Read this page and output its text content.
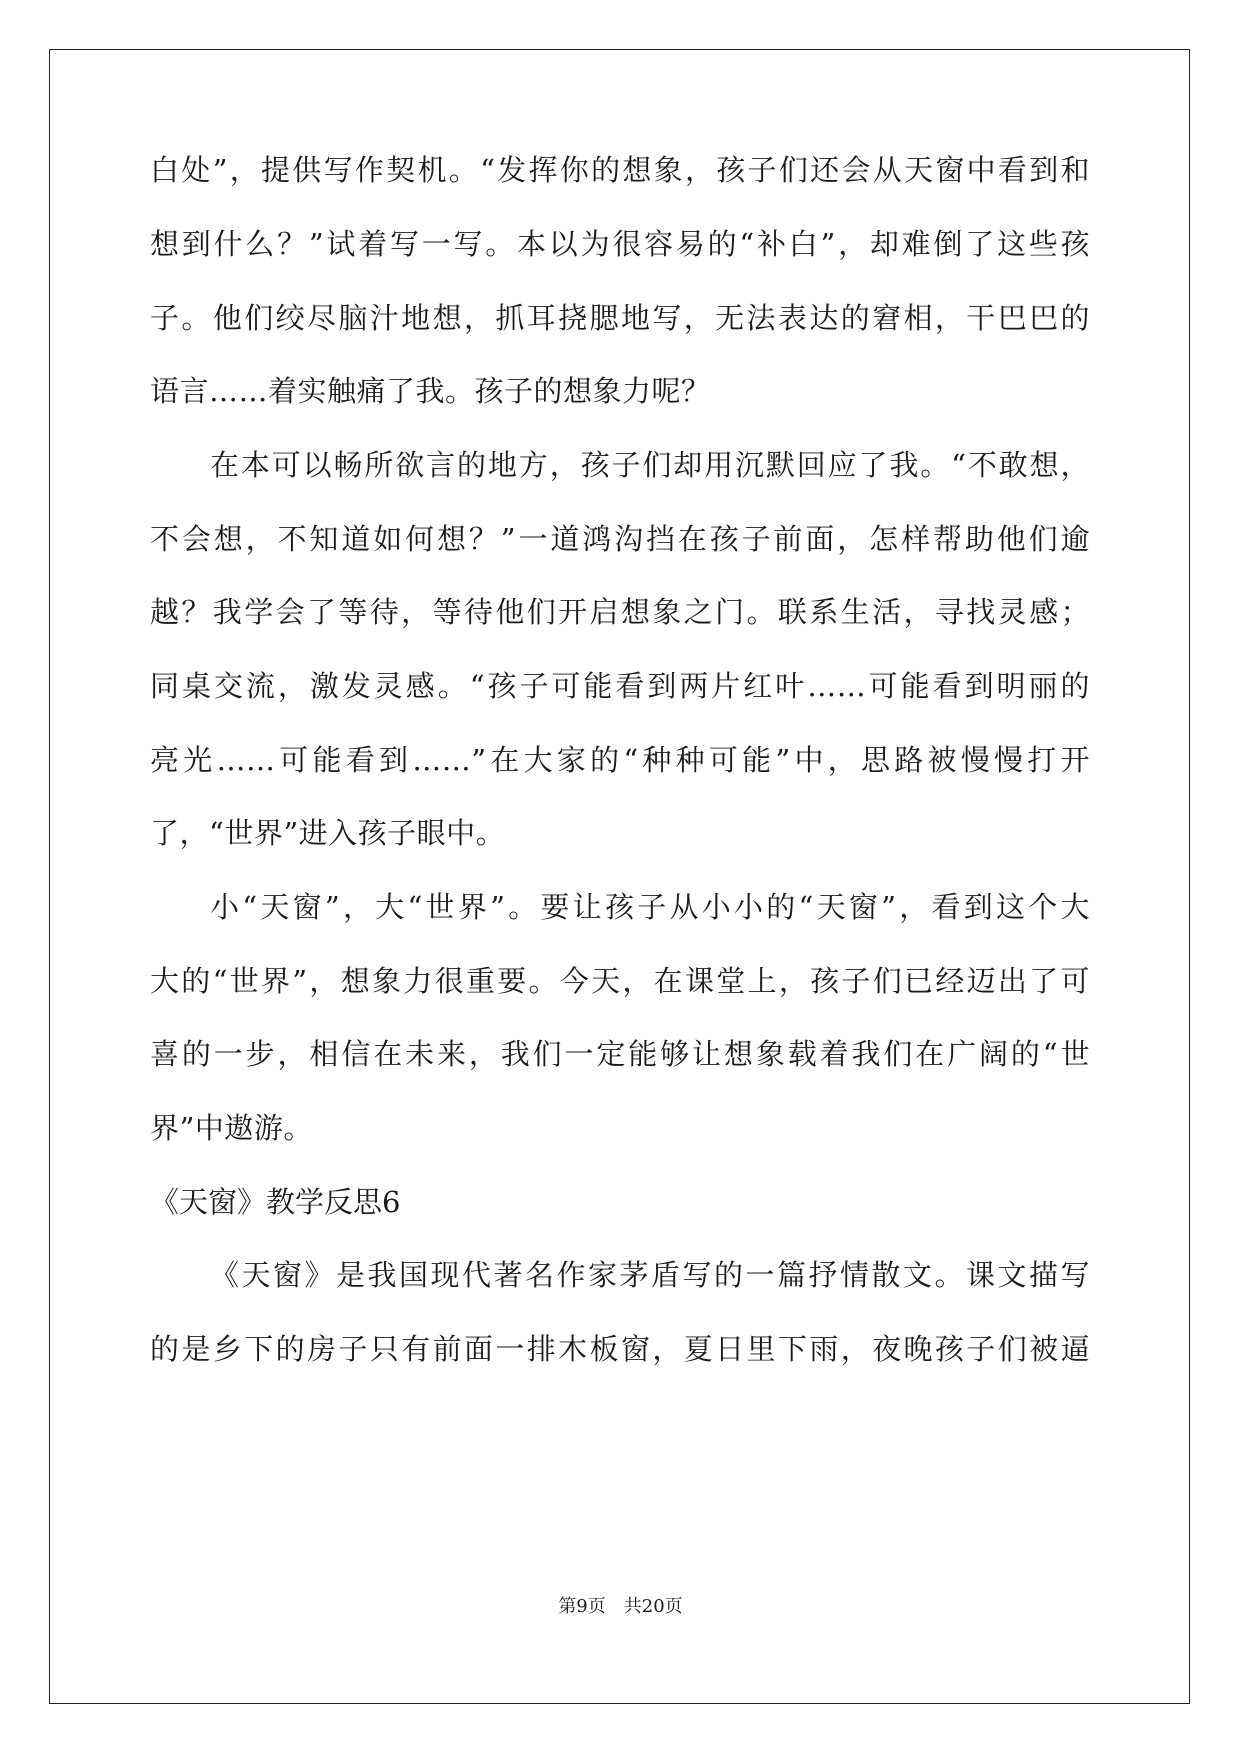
白处”，提供写作契机。“发挥你的想象，孩子们还会从天窗中看到和
想到什么？”试着写一写。本以为很容易的“补白”，却难倒了这些孩
子。他们绞尽脑汁地想，抓耳挠腮地写，无法表达的窘相，干巴巴的
语言……着实触痛了我。孩子的想象力呢？
在本可以畅所欲言的地方，孩子们却用沉默回应了我。“不敢想，
不会想，不知道如何想？”一道鸿沟挡在孩子前面，怎样帮助他们逾
越？我学会了等待，等待他们开启想象之门。联系生活，寻找灵感；
同桌交流，激发灵感。“孩子可能看到两片红叶……可能看到明丽的
亮光……可能看到……”在大家的“种种可能”中，思路被慢慢打开
了，“世界”进入孩子眼中。
小“天窗”，大“世界”。要让孩子从小小的“天窗”，看到这个大
大的“世界”，想象力很重要。今天，在课堂上，孩子们已经迈出了可
喜的一步，相信在未来，我们一定能够让想象载着我们在广阔的“世
界”中遨游。
《天窗》教学反思6
《天窗》是我国现代著名作家茅盾写的一篇抒情散文。课文描写
的是乡下的房子只有前面一排木板窗，夏日里下雨，夜晚孩子们被逼
第9页　共20页
